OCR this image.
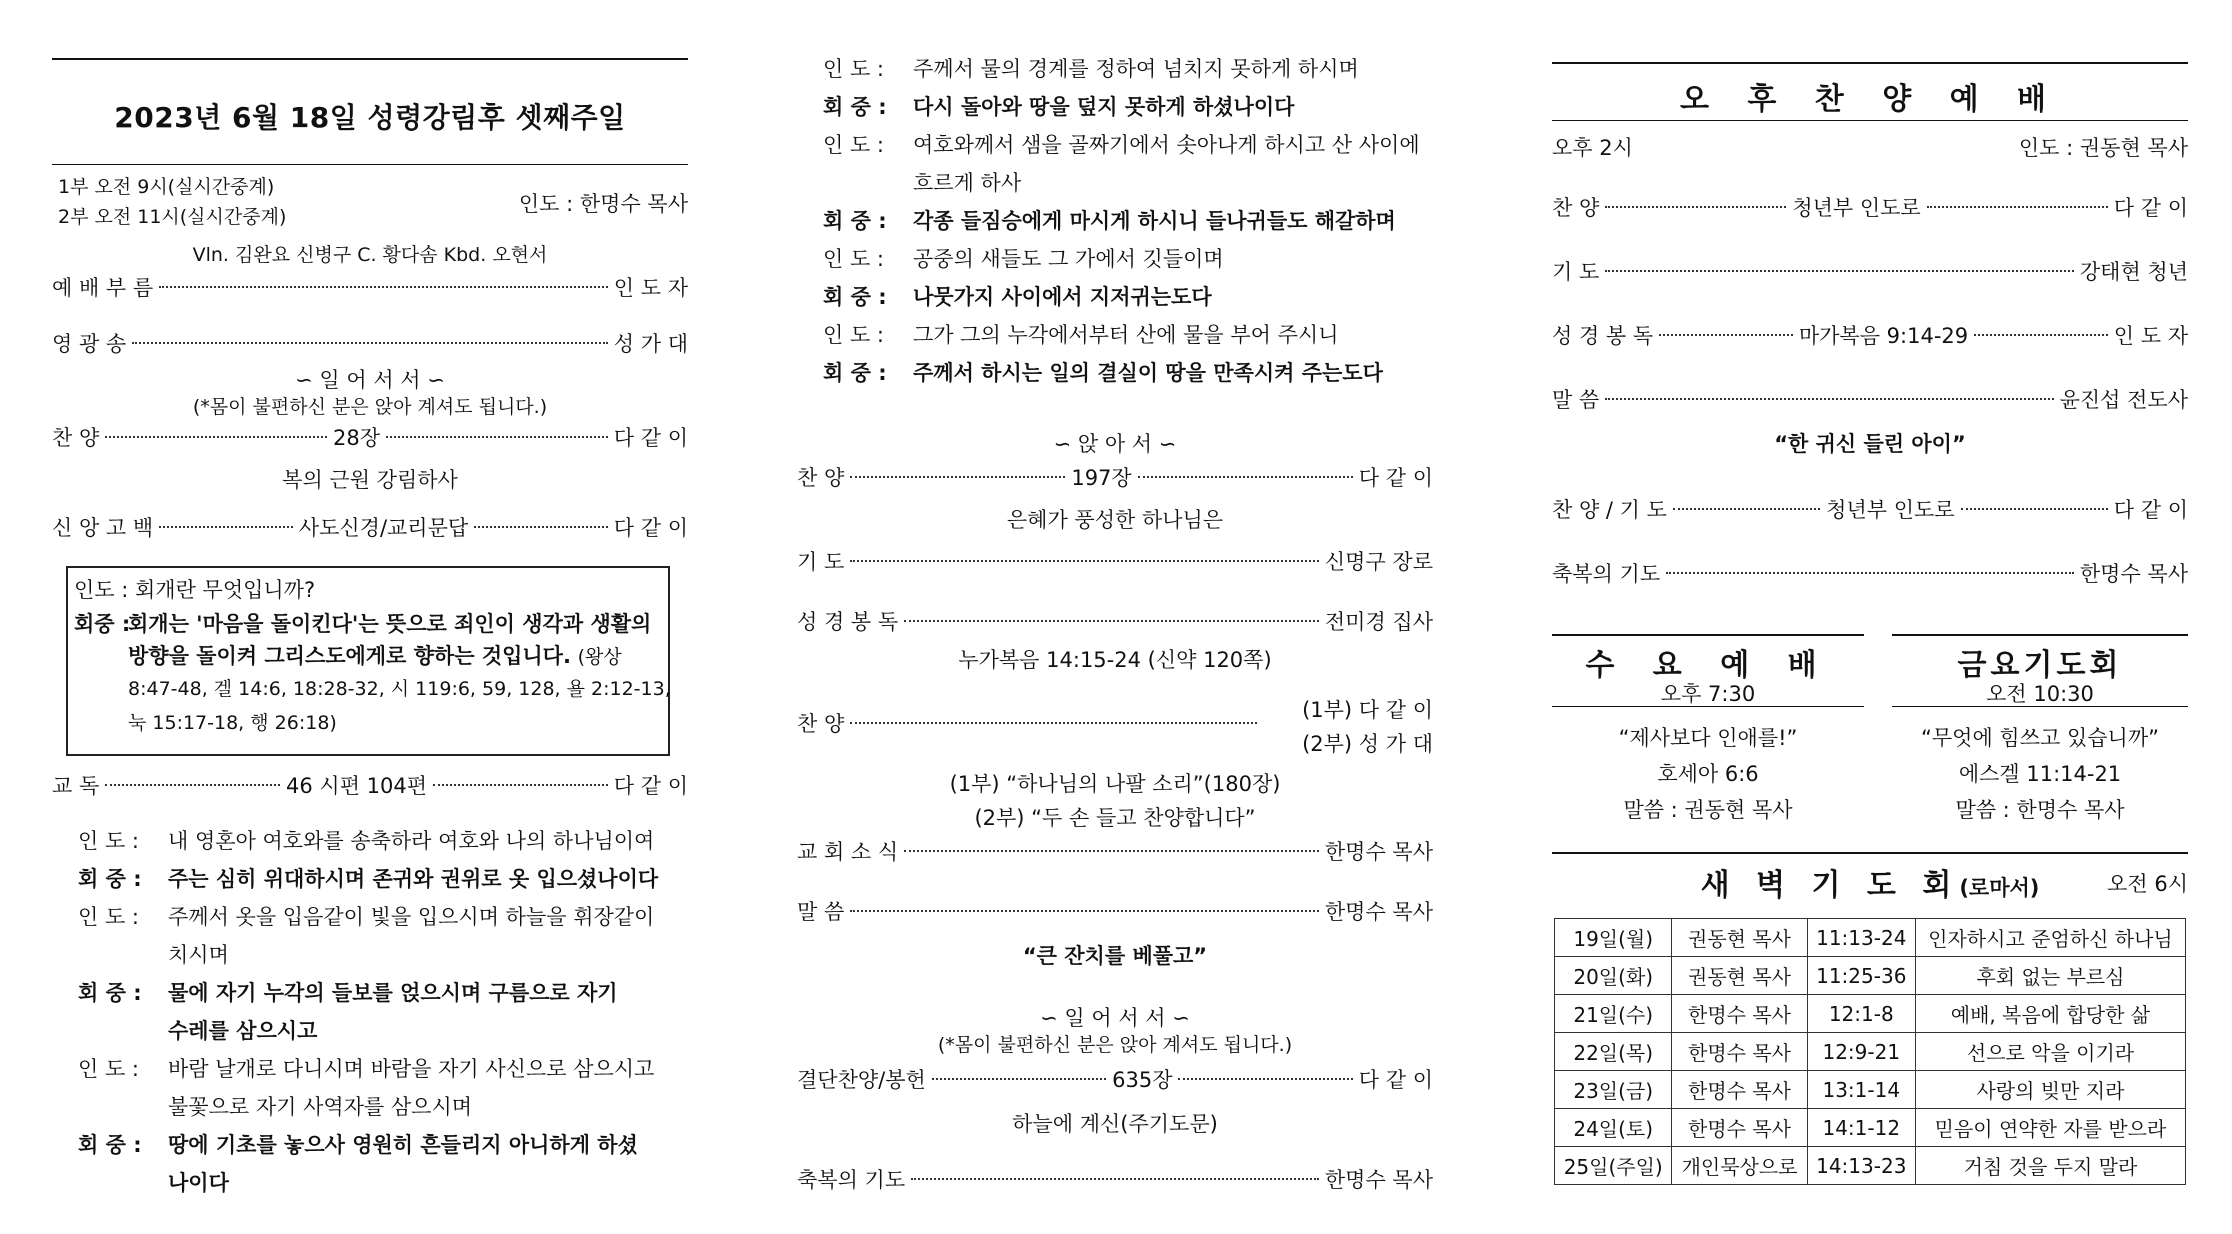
2023년 6월 18일 성령강림후 셋째주일
1부 오전 9시(실시간중계)
2부 오전 11시(실시간중계)
인도 : 한명수 목사
Vln. 김완요 신병구 C. 황다솜 Kbd. 오현서
예 배 부 름	인 도 자
영 광 송	성 가 대
∽ 일 어 서 서 ∽
(*몸이 불편하신 분은 앉아 계셔도 됩니다.)
찬 양	28장	다 같 이
복의 근원 강림하사
신 앙 고 백	사도신경/교리문답	다 같 이
인도 : 회개란 무엇입니까?
회중 :
회개는 '마음을 돌이킨다'는 뜻으로 죄인이 생각과 생활의
방향을 돌이켜 그리스도에게로 향하는 것입니다. (왕상
8:47-48, 겔 14:6, 18:28-32, 시 119:6, 59, 128, 욜 2:12-13,
눅 15:17-18, 행 26:18)
교 독	46 시편 104편	다 같 이
인 도 : 내 영혼아 여호와를 송축하라 여호와 나의 하나님이여
회 중 : 주는 심히 위대하시며 존귀와 권위로 옷 입으셨나이다
인 도 : 주께서 옷을 입음같이 빛을 입으시며 하늘을 휘장같이
치시며
회 중 : 물에 자기 누각의 들보를 얹으시며 구름으로 자기
수레를 삼으시고
인 도 : 바람 날개로 다니시며 바람을 자기 사신으로 삼으시고
불꽃으로 자기 사역자를 삼으시며
회 중 : 땅에 기초를 놓으사 영원히 흔들리지 아니하게 하셨
나이다
인 도 : 주께서 물의 경계를 정하여 넘치지 못하게 하시며
회 중 : 다시 돌아와 땅을 덮지 못하게 하셨나이다
인 도 : 여호와께서 샘을 골짜기에서 솟아나게 하시고 산 사이에
흐르게 하사
회 중 : 각종 들짐승에게 마시게 하시니 들나귀들도 해갈하며
인 도 : 공중의 새들도 그 가에서 깃들이며
회 중 : 나뭇가지 사이에서 지저귀는도다
인 도 : 그가 그의 누각에서부터 산에 물을 부어 주시니
회 중 : 주께서 하시는 일의 결실이 땅을 만족시켜 주는도다
∽ 앉 아 서 ∽
찬 양	197장	다 같 이
은혜가 풍성한 하나님은
기 도	신명구 장로
성 경 봉 독	전미경 집사
누가복음 14:15-24 (신약 120쪽)
찬 양
(1부) 다 같 이
(2부) 성 가 대
(1부) “하나님의 나팔 소리”(180장)
(2부) “두 손 들고 찬양합니다”
교 회 소 식	한명수 목사
말 씀	한명수 목사
“큰 잔치를 베풀고”
∽ 일 어 서 서 ∽
(*몸이 불편하신 분은 앉아 계셔도 됩니다.)
결단찬양/봉헌	635장	다 같 이
하늘에 계신(주기도문)
축복의 기도	한명수 목사
오 후 찬 양 예 배
오후 2시	인도 : 권동현 목사
찬 양	청년부 인도로	다 같 이
기 도	강태현 청년
성 경 봉 독	마가복음 9:14-29	인 도 자
말 씀	윤진섭 전도사
“한 귀신 들린 아이”
찬 양 / 기 도	청년부 인도로	다 같 이
축복의 기도	한명수 목사
수 요 예 배
오후 7:30
“제사보다 인애를!”
호세아 6:6
말씀 : 권동현 목사
금요기도회
오전 10:30
“무엇에 힘쓰고 있습니까”
에스겔 11:14-21
말씀 : 한명수 목사
새 벽 기 도 회(로마서)	오전 6시
19일(월)	권동현 목사	11:13-24	인자하시고 준엄하신 하나님
20일(화)	권동현 목사	11:25-36	후회 없는 부르심
21일(수)	한명수 목사	12:1-8	예배, 복음에 합당한 삶
22일(목)	한명수 목사	12:9-21	선으로 악을 이기라
23일(금)	한명수 목사	13:1-14	사랑의 빚만 지라
24일(토)	한명수 목사	14:1-12	믿음이 연약한 자를 받으라
25일(주일)	개인묵상으로	14:13-23	거침 것을 두지 말라
